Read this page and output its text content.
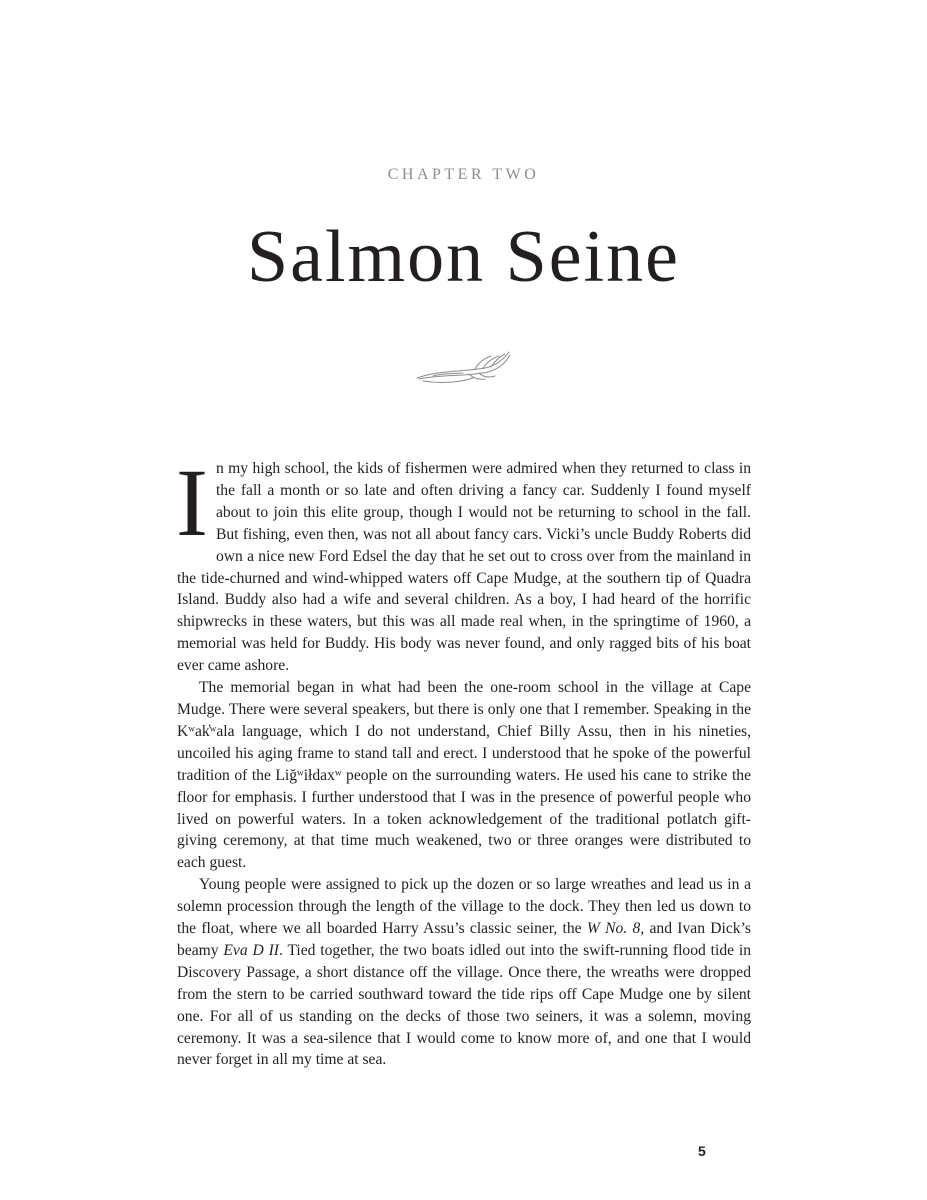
CHAPTER TWO
Salmon Seine

In my high school, the kids of fishermen were admired when they returned to class in the fall a month or so late and often driving a fancy car. Suddenly I found myself about to join this elite group, though I would not be returning to school in the fall. But fishing, even then, was not all about fancy cars. Vicki’s uncle Buddy Roberts did own a nice new Ford Edsel the day that he set out to cross over from the mainland in the tide-churned and wind-whipped waters off Cape Mudge, at the southern tip of Quadra Island. Buddy also had a wife and several children. As a boy, I had heard of the horrific shipwrecks in these waters, but this was all made real when, in the springtime of 1960, a memorial was held for Buddy. His body was never found, and only ragged bits of his boat ever came ashore.

The memorial began in what had been the one-room school in the village at Cape Mudge. There were several speakers, but there is only one that I remember. Speaking in the Kʷak̓ʷala language, which I do not understand, Chief Billy Assu, then in his nineties, uncoiled his aging frame to stand tall and erect. I understood that he spoke of the powerful tradition of the Liǧʷiłdaxʷ people on the surrounding waters. He used his cane to strike the floor for emphasis. I further understood that I was in the presence of powerful people who lived on powerful waters. In a token acknowledgement of the traditional potlatch gift-giving ceremony, at that time much weakened, two or three oranges were distributed to each guest.

Young people were assigned to pick up the dozen or so large wreathes and lead us in a solemn procession through the length of the village to the dock. They then led us down to the float, where we all boarded Harry Assu’s classic seiner, the W No. 8, and Ivan Dick’s beamy Eva D II. Tied together, the two boats idled out into the swift-running flood tide in Discovery Passage, a short distance off the village. Once there, the wreaths were dropped from the stern to be carried southward toward the tide rips off Cape Mudge one by silent one. For all of us standing on the decks of those two seiners, it was a solemn, moving ceremony. It was a sea-silence that I would come to know more of, and one that I would never forget in all my time at sea.

5
